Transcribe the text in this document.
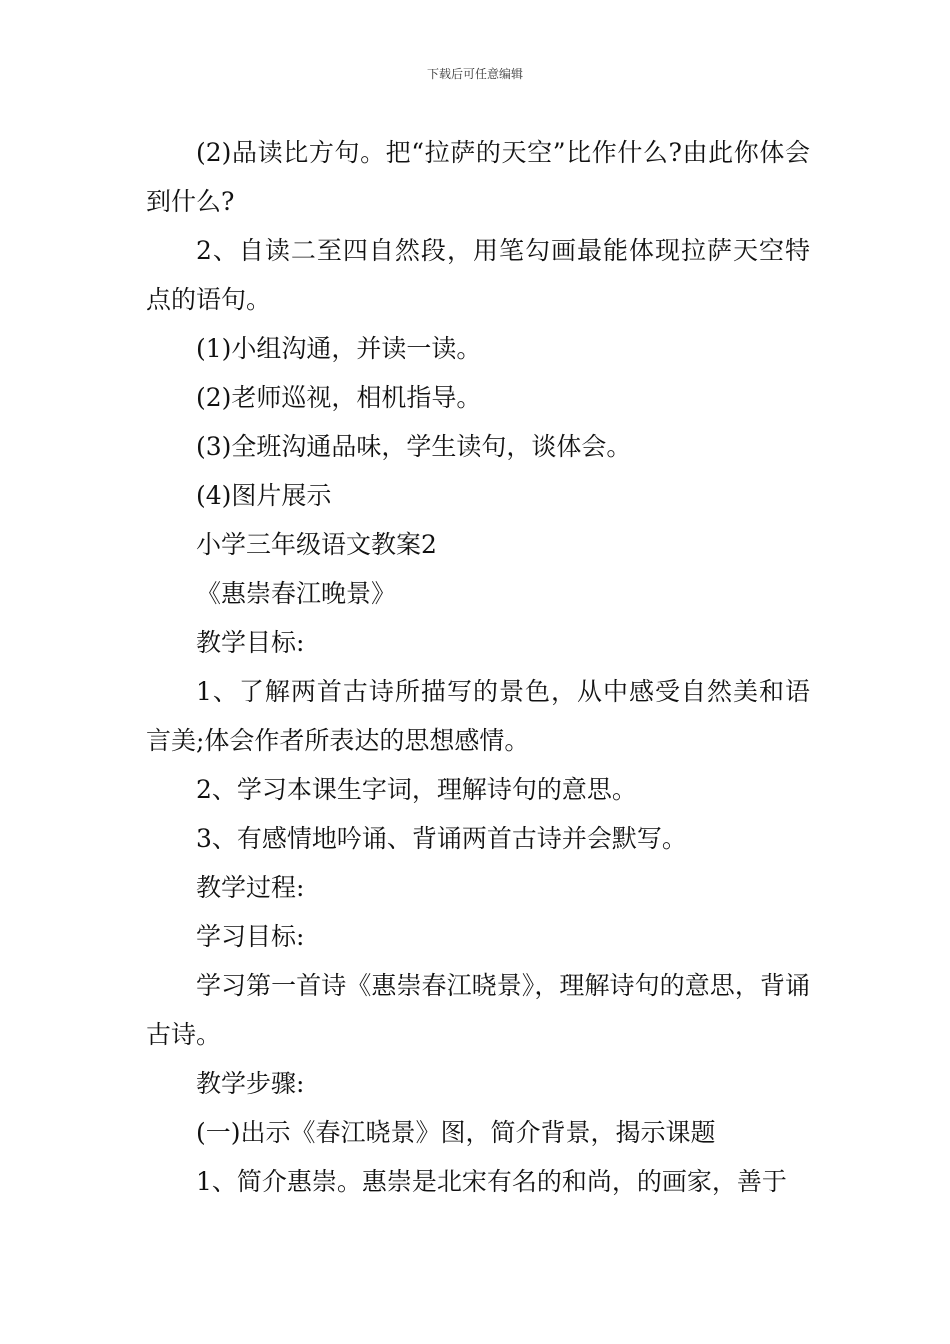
下载后可任意编辑

(2)品读比方句。把“拉萨的天空”比作什么?由此你体会到什么?

2、自读二至四自然段，用笔勾画最能体现拉萨天空特点的语句。

(1)小组沟通，并读一读。

(2)老师巡视，相机指导。

(3)全班沟通品味，学生读句，谈体会。

(4)图片展示

小学三年级语文教案2

《惠崇春江晚景》

教学目标:

1、了解两首古诗所描写的景色，从中感受自然美和语言美;体会作者所表达的思想感情。

2、学习本课生字词，理解诗句的意思。

3、有感情地吟诵、背诵两首古诗并会默写。

教学过程:

学习目标:

学习第一首诗《惠崇春江晓景》，理解诗句的意思，背诵古诗。

教学步骤:

(一)出示《春江晓景》图，简介背景，揭示课题

1、简介惠崇。惠崇是北宋有名的和尚，的画家，善于
